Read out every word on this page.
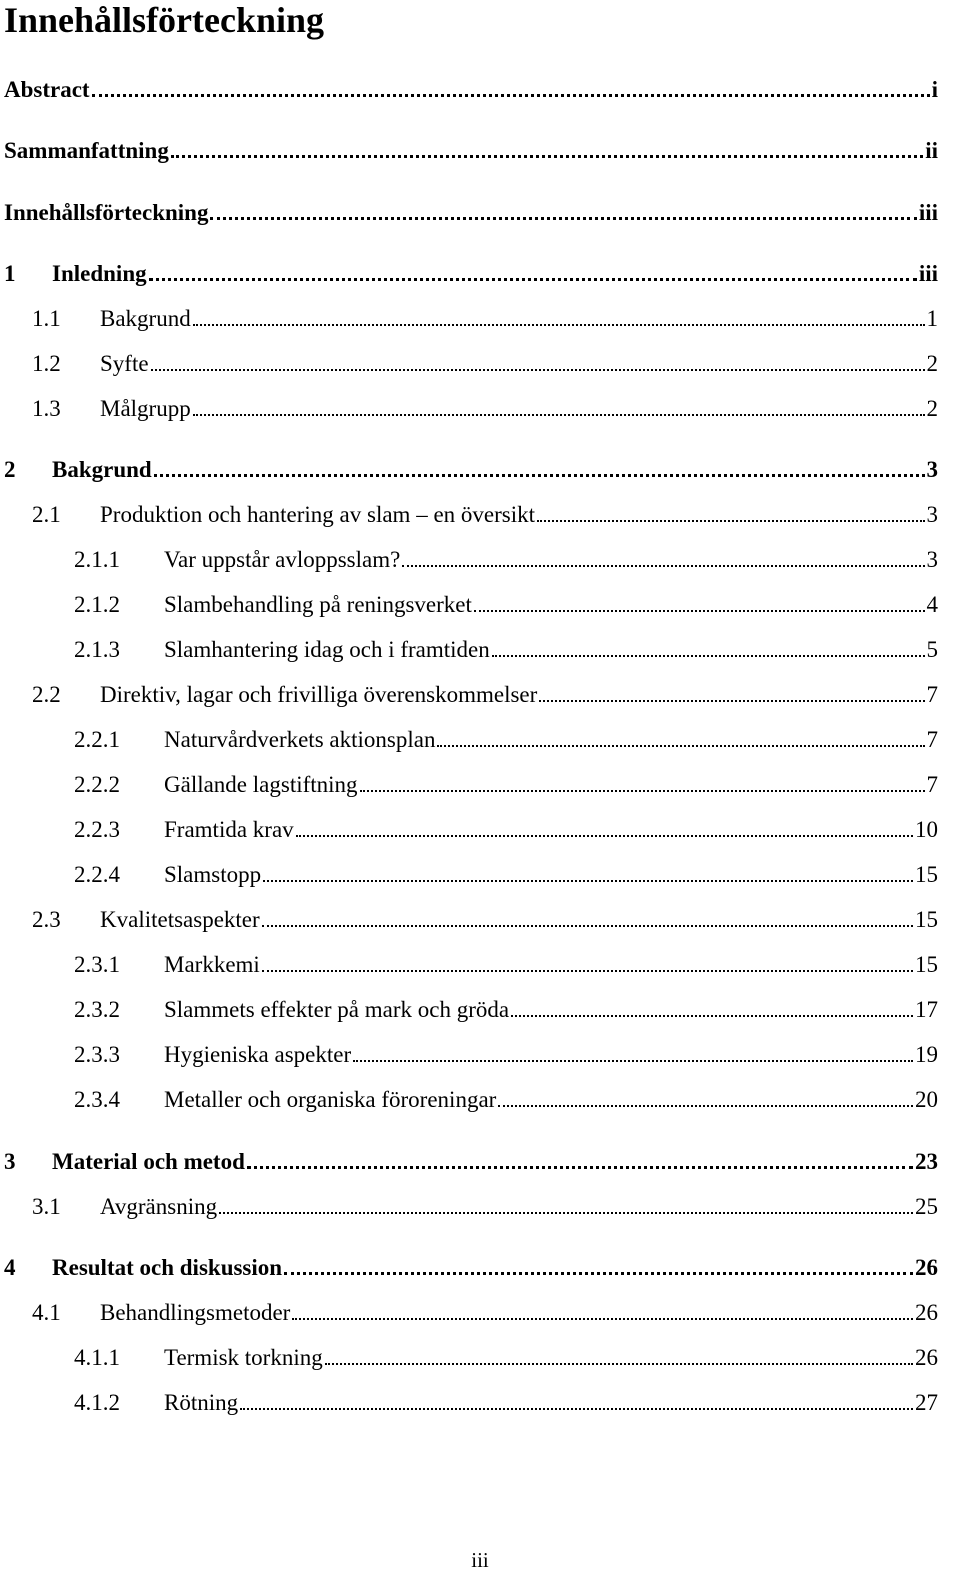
Innehållsförteckning
Abstract	i
Sammanfattning	ii
Innehållsförteckning	iii
1	Inledning	iii
1.1	Bakgrund	1
1.2	Syfte	2
1.3	Målgrupp	2
2	Bakgrund	3
2.1	Produktion och hantering av slam – en översikt	3
2.1.1	Var uppstår avloppsslam?	3
2.1.2	Slambehandling på reningsverket	4
2.1.3	Slamhantering idag och i framtiden	5
2.2	Direktiv, lagar och frivilliga överenskommelser	7
2.2.1	Naturvårdverkets aktionsplan	7
2.2.2	Gällande lagstiftning	7
2.2.3	Framtida krav	10
2.2.4	Slamstopp	15
2.3	Kvalitetsaspekter	15
2.3.1	Markkemi	15
2.3.2	Slammets effekter på mark och gröda	17
2.3.3	Hygieniska aspekter	19
2.3.4	Metaller och organiska föroreningar	20
3	Material och metod	23
3.1	Avgränsning	25
4	Resultat och diskussion	26
4.1	Behandlingsmetoder	26
4.1.1	Termisk torkning	26
4.1.2	Rötning	27
iii
